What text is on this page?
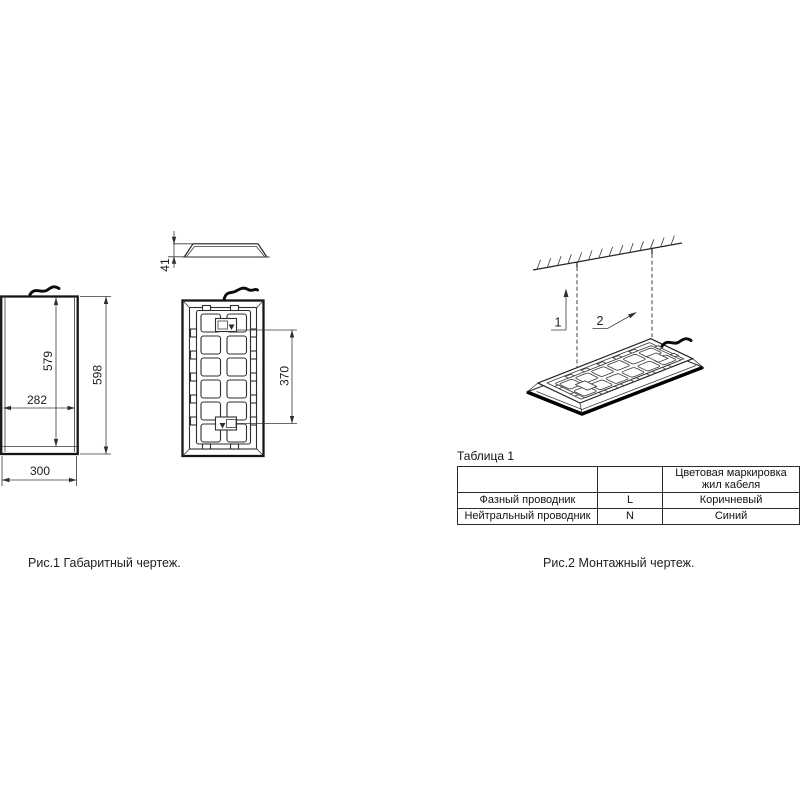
41
579
282
598
300
370
1	2
Таблица 1

		Цветовая маркировка
жил кабеля

Фазный проводник	L	Коричневый
Нейтральный проводник	N	Синий
Рис.1 Габаритный чертеж.	Рис.2 Монтажный чертеж.
